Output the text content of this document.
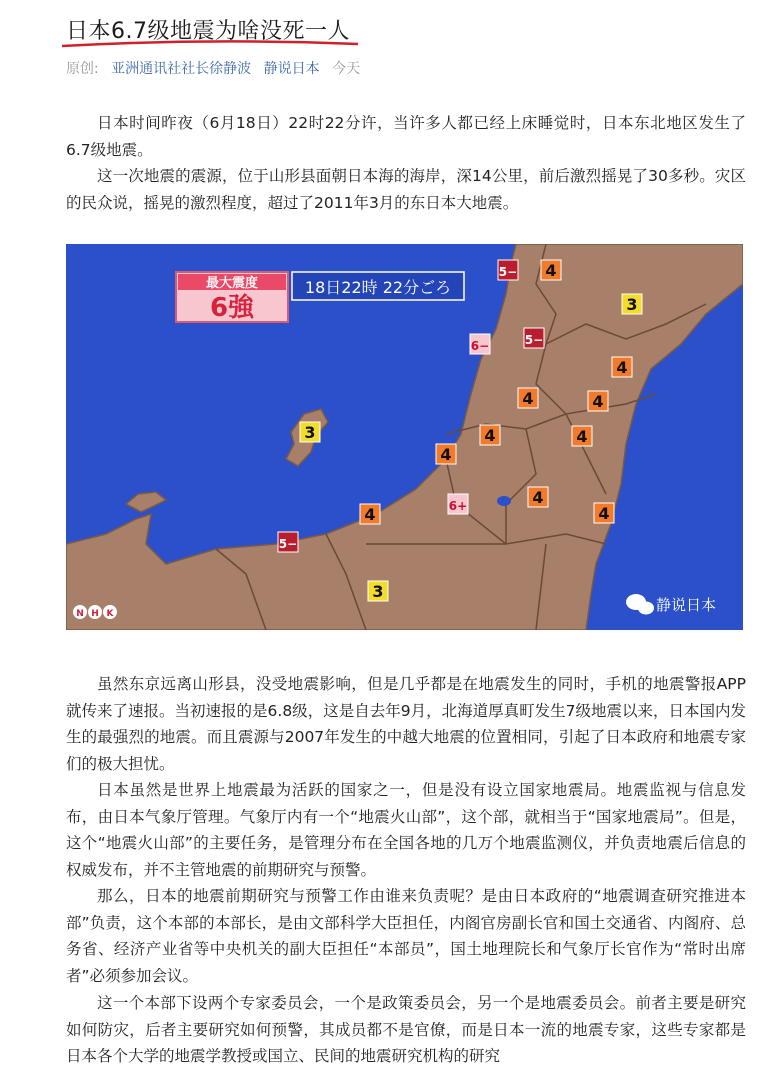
日本6.7级地震为啥没死一人
原创: 亚洲通讯社社长徐静波 静说日本 今天

日本时间昨夜（6月18日）22时22分许，当许多人都已经上床睡觉时，日本东北地区发生了6.7级地震。

这一次地震的震源，位于山形县面朝日本海的海岸，深14公里，前后激烈摇晃了30多秒。灾区的民众说，摇晃的激烈程度，超过了2011年3月的东日本大地震。

最大震度
6強
18日22時 22分ごろ
N H K	静说日本
5− 4
3
6−	5−
4
4	4
4	4
4
6+	4
4
4
5−
3
3

虽然东京远离山形县，没受地震影响，但是几乎都是在地震发生的同时，手机的地震警报APP就传来了速报。当初速报的是6.8级，这是自去年9月，北海道厚真町发生7级地震以来，日本国内发生的最强烈的地震。而且震源与2007年发生的中越大地震的位置相同，引起了日本政府和地震专家们的极大担忧。

日本虽然是世界上地震最为活跃的国家之一，但是没有设立国家地震局。地震监视与信息发布，由日本气象厅管理。气象厅内有一个“地震火山部”，这个部，就相当于“国家地震局”。但是，这个“地震火山部”的主要任务，是管理分布在全国各地的几万个地震监测仪，并负责地震后信息的权威发布，并不主管地震的前期研究与预警。

那么，日本的地震前期研究与预警工作由谁来负责呢？是由日本政府的“地震调查研究推进本部”负责，这个本部的本部长，是由文部科学大臣担任，内阁官房副长官和国土交通省、内阁府、总务省、经济产业省等中央机关的副大臣担任“本部员”，国土地理院长和气象厅长官作为“常时出席者”必须参加会议。

这一个本部下设两个专家委员会，一个是政策委员会，另一个是地震委员会。前者主要是研究如何防灾，后者主要研究如何预警，其成员都不是官僚，而是日本一流的地震专家，这些专家都是日本各个大学的地震学教授或国立、民间的地震研究机构的研究
